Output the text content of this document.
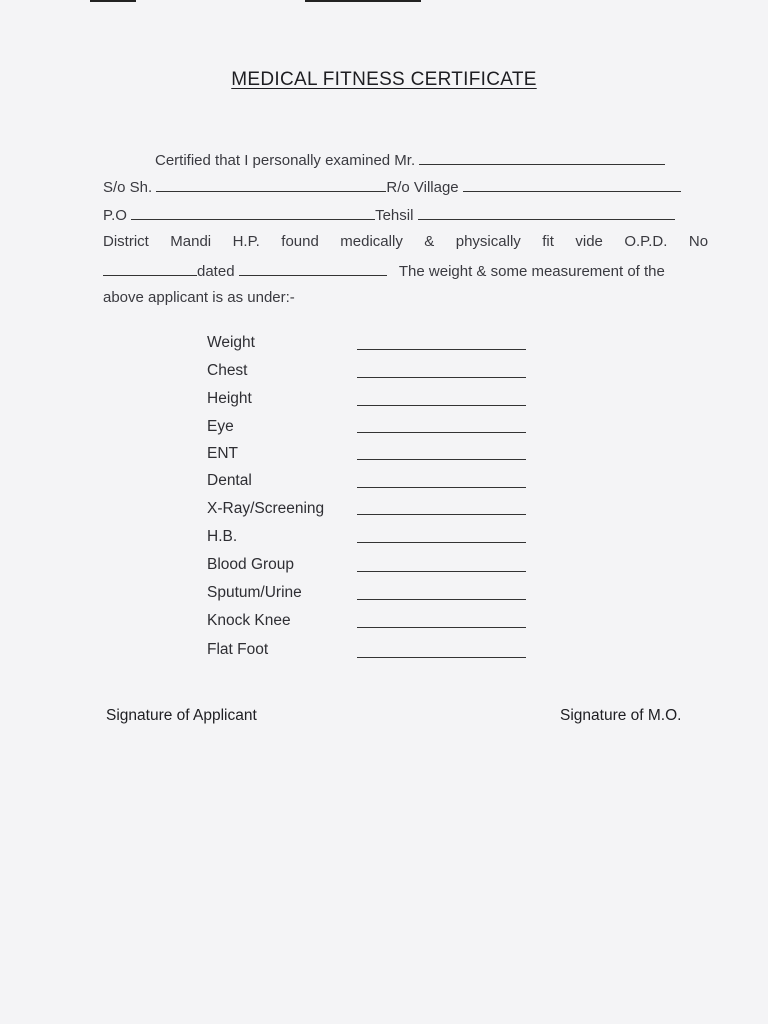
MEDICAL FITNESS CERTIFICATE
Certified that I personally examined Mr.
S/o Sh.	R/o Village
P.O	Tehsil
District Mandi H.P. found medically & physically fit vide O.P.D. No
dated	The weight & some measurement of the
above applicant is as under:-
Weight
Chest
Height
Eye
ENT
Dental
X-Ray/Screening
H.B.
Blood Group
Sputum/Urine
Knock Knee
Flat Foot
Signature of Applicant	Signature of M.O.
